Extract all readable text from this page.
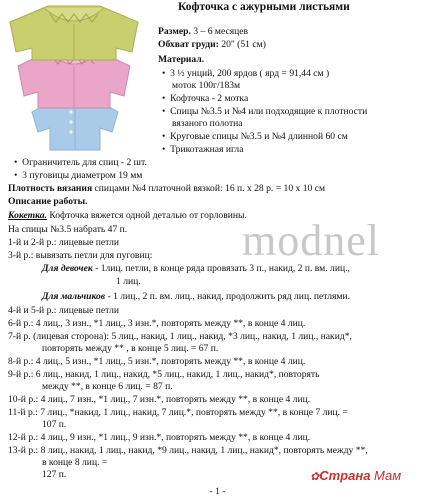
Кофточка с ажурными листьями
Размер. 3 – 6 месяцев
Обхват груди: 20" (51 см)
Материал.
•  3 ½ унций, 200 ярдов ( ярд = 91,44 см )
моток 100г/183м
•  Кофточка - 2 мотка
•  Спицы №3.5 и №4 или подходящие к плотности
вязаного полотна
•  Круговые спицы №3.5 и №4 длинной 60 см
•  Трикотажная игла
•  Ограничитель для спиц - 2 шт.
•  3 пуговицы диаметром 19 мм
Плотность вязания спицами №4 платочной вязкой: 16 п. х 28 р. = 10 х 10 см
Описание работы.
Кокетка. Кофточка вяжется одной деталью от горловины.
modnel
На спицы №3.5 набрать 47 п.
1-й и 2-й р.: лицевые петли
3-й р.: вывязать петли для пуговиц:
Для девочек - 1лиц. петли, в конце ряда провязать 3 п., накид, 2 п. вм. лиц.,
1 лиц.
Для мальчиков - 1 лиц., 2 п. вм. лиц., накид, продолжить ряд лиц. петлями.
4-й и 5-й р.: лицевые петли
6-й р.: 4 лиц., 3 изн., *1 лиц., 3 изн.*, повторять между **, в конце 4 лиц.
7-й р. (лицевая сторона): 5 лиц., накид, 1 лиц., накид, *3 лиц., накид, 1 лиц., накид*,
повторять между ** , в конце 5 лиц. = 67 п.
8-й р.: 4 лиц., 5 изн., *1 лиц., 5 изн.*, повторять между **, в конце 4 лиц.
9-й р.: 6 лиц., накид, 1 лиц., накид, *5 лиц., накид, 1 лиц., накид*, повторять
между **, в конце 6 лиц. = 87 п.
10-й р.: 4 лиц., 7 изн., *1 лиц., 7 изн.*, повторять между **, в конце 4 лиц.
11-й р.: 7 лиц., *накид, 1 лиц., накид, 7 лиц.*, повторять между **, в конце 7 лиц. =
107 п.
12-й р.: 4 лиц., 9 изн., *1 лиц., 9 изн.*, повторять между **, в конце 4 лиц.
13-й р.: 8 лиц., накид, 1 лиц., накид, *9 лиц., накид, 1 лиц., накид*, повторять между **,
в конце 8 лиц. =
127 п.	✿Страна Мам
- 1 -
